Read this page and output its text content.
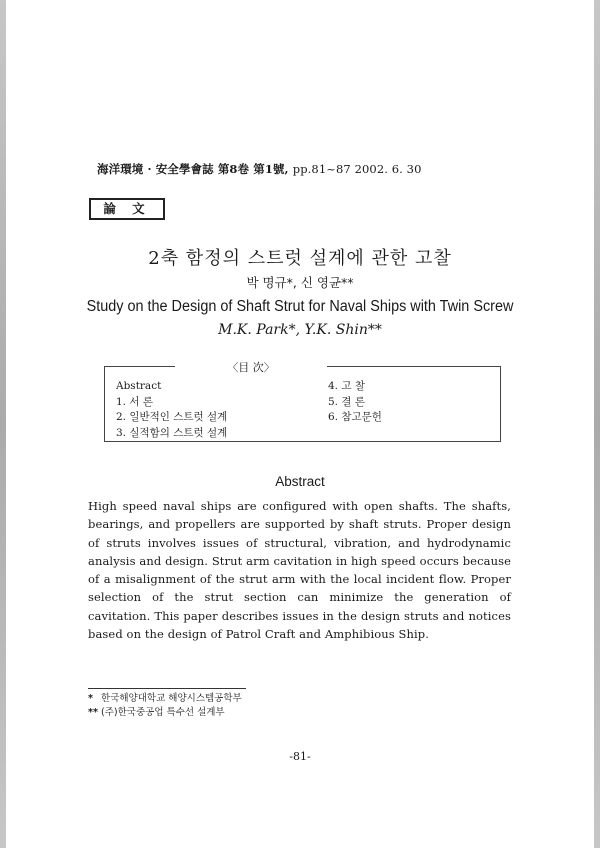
海洋環境 · 安全學會誌 第8卷 第1號, pp.81~87 2002. 6. 30
論 文
2축 함정의 스트럿 설계에 관한 고찰
박 명규*, 신 영균**
Study on the Design of Shaft Strut for Naval Ships with Twin Screw
M.K. Park*, Y.K. Shin**
〈目 次〉
Abstract
1. 서 론
2. 일반적인 스트럿 설계
3. 실적함의 스트럿 설계
4. 고 찰
5. 결 론
6. 참고문헌
Abstract
High speed naval ships are configured with open shafts. The shafts, bearings, and propellers are supported by shaft struts. Proper design of struts involves issues of structural, vibration, and hydrodynamic analysis and design. Strut arm cavitation in high speed occurs because of a misalignment of the strut arm with the local incident flow. Proper selection of the strut section can minimize the generation of cavitation. This paper describes issues in the design struts and notices based on the design of Patrol Craft and Amphibious Ship.
* 한국해양대학교 해양시스템공학부
** (주)한국중공업 특수선 설계부
-81-
